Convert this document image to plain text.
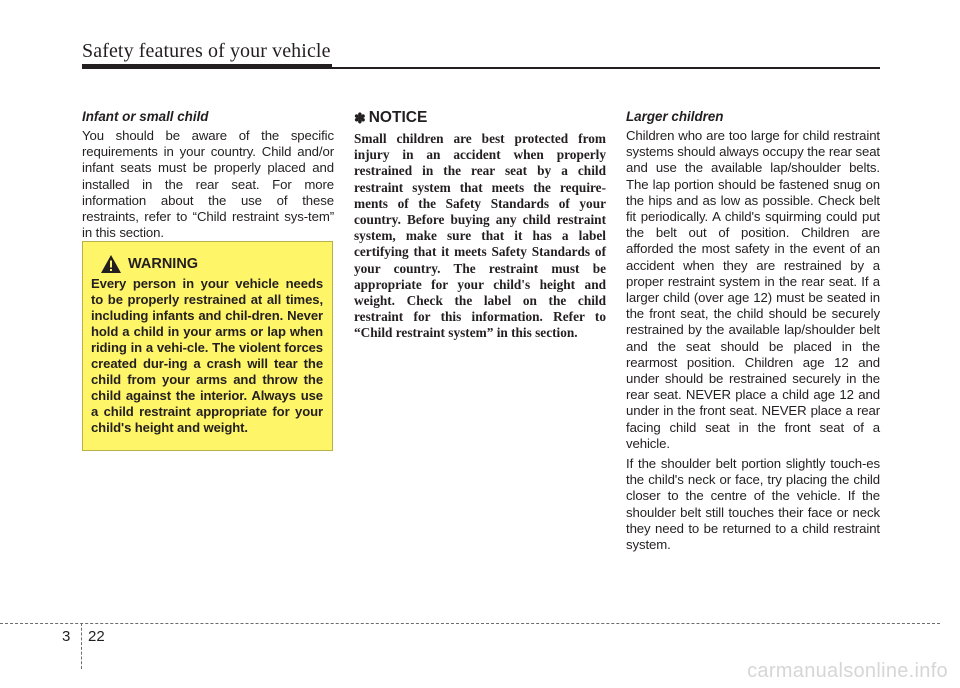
Safety features of your vehicle
Infant or small child

You should be aware of the specific requirements in your country. Child and/or infant seats must be properly placed and installed in the rear seat. For more information about the use of these restraints, refer to “Child restraint sys-tem” in this section.

WARNING

Every person in your vehicle needs to be properly restrained at all times, including infants and chil-dren. Never hold a child in your arms or lap when riding in a vehi-cle. The violent forces created dur-ing a crash will tear the child from your arms and throw the child against the interior. Always use a child restraint appropriate for your child's height and weight.

✽ NOTICE

Small children are best protected from injury in an accident when properly restrained in the rear seat by a child restraint system that meets the require-ments of the Safety Standards of your country. Before buying any child restraint system, make sure that it has a label certifying that it meets Safety Standards of your country. The restraint must be appropriate for your child's height and weight. Check the label on the child restraint for this information. Refer to “Child restraint system” in this section.

Larger children

Children who are too large for child restraint systems should always occupy the rear seat and use the available lap/shoulder belts. The lap portion should be fastened snug on the hips and as low as possible. Check belt fit periodically. A child's squirming could put the belt out of position. Children are afforded the most safety in the event of an accident when they are restrained by a proper restraint system in the rear seat. If a larger child (over age 12) must be seated in the front seat, the child should be securely restrained by the available lap/shoulder belt and the seat should be placed in the rearmost position. Children age 12 and under should be restrained securely in the rear seat. NEVER place a child age 12 and under in the front seat. NEVER place a rear facing child seat in the front seat of a vehicle.

If the shoulder belt portion slightly touch-es the child's neck or face, try placing the child closer to the centre of the vehicle. If the shoulder belt still touches their face or neck they need to be returned to a child restraint system.

3 22
carmanualsonline.info
